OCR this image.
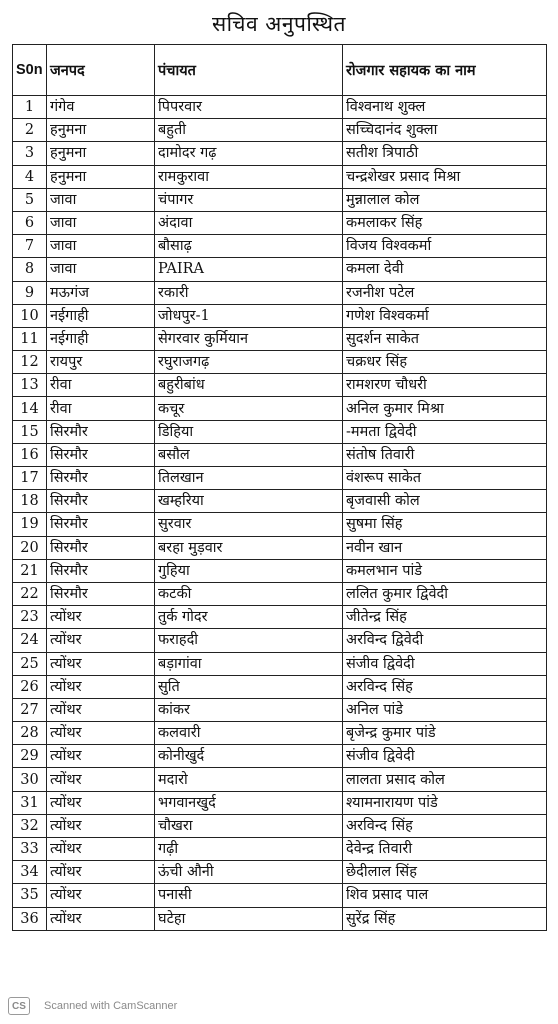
सचिव अनुपस्थित
S0n	जनपद	पंचायत	रोजगार सहायक का नाम
1	गंगेव	पिपरवार	विश्वनाथ शुक्ल
2	हनुमना	बहुती	सच्चिदानंद शुक्ला
3	हनुमना	दामोदर गढ़	सतीश त्रिपाठी
4	हनुमना	रामकुरावा	चन्द्रशेखर प्रसाद मिश्रा
5	जावा	चंपागर	मुन्नालाल कोल
6	जावा	अंदावा	कमलाकर सिंह
7	जावा	बौसाढ़	विजय विश्वकर्मा
8	जावा	PAIRA	कमला देवी
9	मऊगंज	रकारी	रजनीश पटेल
10	नईगाही	जोधपुर-1	गणेश विश्वकर्मा
11	नईगाही	सेगरवार कुर्मियान	सुदर्शन साकेत
12	रायपुर	रघुराजगढ़	चक्रधर सिंह
13	रीवा	बहुरीबांध	रामशरण चौधरी
14	रीवा	कचूर	अनिल कुमार मिश्रा
15	सिरमौर	डिहिया	-ममता द्विवेदी
16	सिरमौर	बसौल	संतोष तिवारी
17	सिरमौर	तिलखान	वंशरूप साकेत
18	सिरमौर	खम्हरिया	बृजवासी कोल
19	सिरमौर	सुरवार	सुषमा सिंह
20	सिरमौर	बरहा मुड़वार	नवीन खान
21	सिरमौर	गुहिया	कमलभान पांडे
22	सिरमौर	कटकी	ललित कुमार द्विवेदी
23	त्योंथर	तुर्क गोदर	जीतेन्द्र सिंह
24	त्योंथर	फराहदी	अरविन्द द्विवेदी
25	त्योंथर	बड़ागांवा	संजीव द्विवेदी
26	त्योंथर	सुति	अरविन्द सिंह
27	त्योंथर	कांकर	अनिल पांडे
28	त्योंथर	कलवारी	बृजेन्द्र कुमार पांडे
29	त्योंथर	कोनीखुर्द	संजीव द्विवेदी
30	त्योंथर	मदारो	लालता प्रसाद कोल
31	त्योंथर	भगवानखुर्द	श्यामनारायण पांडे
32	त्योंथर	चौखरा	अरविन्द सिंह
33	त्योंथर	गढ़ी	देवेन्द्र तिवारी
34	त्योंथर	ऊंची औनी	छेदीलाल सिंह
35	त्योंथर	पनासी	शिव प्रसाद पाल
36	त्योंथर	घटेहा	सुरेंद्र सिंह
CS	Scanned with CamScanner
